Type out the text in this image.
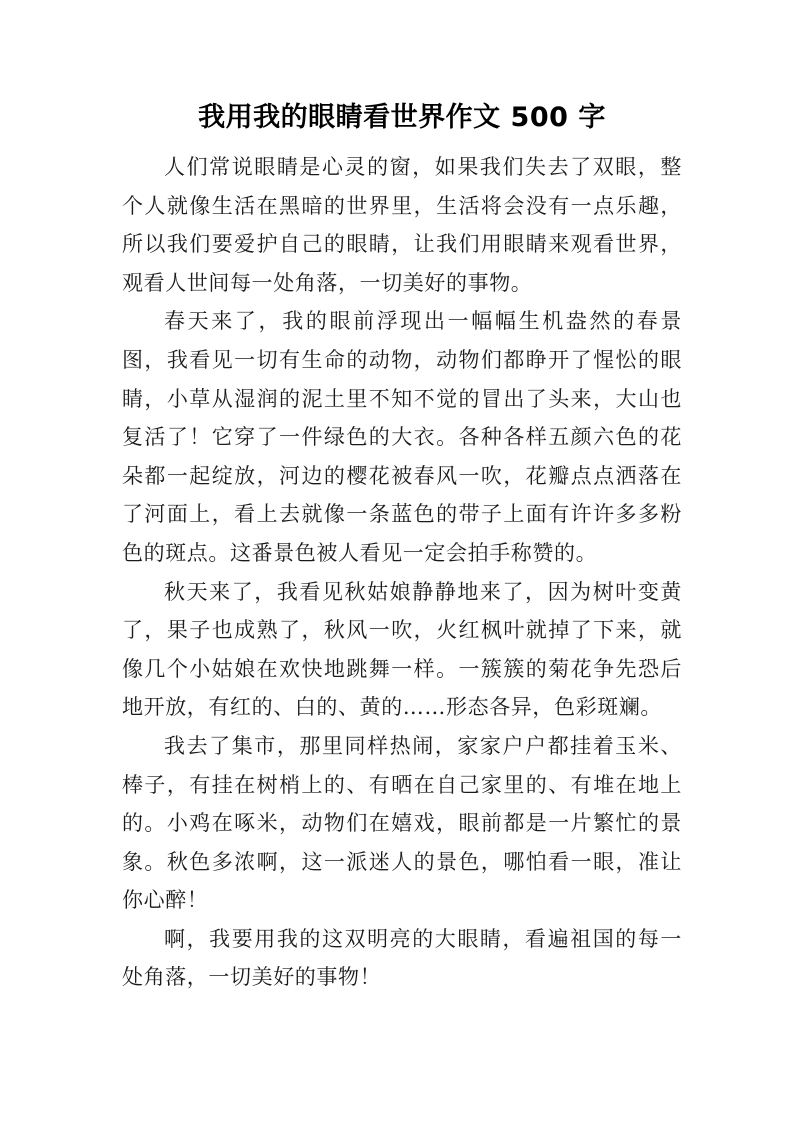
我用我的眼睛看世界作文 500 字

人们常说眼睛是心灵的窗，如果我们失去了双眼，整个人就像生活在黑暗的世界里，生活将会没有一点乐趣，所以我们要爱护自己的眼睛，让我们用眼睛来观看世界，观看人世间每一处角落，一切美好的事物。

春天来了，我的眼前浮现出一幅幅生机盎然的春景图，我看见一切有生命的动物，动物们都睁开了惺忪的眼睛，小草从湿润的泥土里不知不觉的冒出了头来，大山也复活了！它穿了一件绿色的大衣。各种各样五颜六色的花朵都一起绽放，河边的樱花被春风一吹，花瓣点点洒落在了河面上，看上去就像一条蓝色的带子上面有许许多多粉色的斑点。这番景色被人看见一定会拍手称赞的。

秋天来了，我看见秋姑娘静静地来了，因为树叶变黄了，果子也成熟了，秋风一吹，火红枫叶就掉了下来，就像几个小姑娘在欢快地跳舞一样。一簇簇的菊花争先恐后地开放，有红的、白的、黄的……形态各异，色彩斑斓。

我去了集市，那里同样热闹，家家户户都挂着玉米、棒子，有挂在树梢上的、有晒在自己家里的、有堆在地上的。小鸡在啄米，动物们在嬉戏，眼前都是一片繁忙的景象。秋色多浓啊，这一派迷人的景色，哪怕看一眼，准让你心醉！

啊，我要用我的这双明亮的大眼睛，看遍祖国的每一处角落，一切美好的事物！
